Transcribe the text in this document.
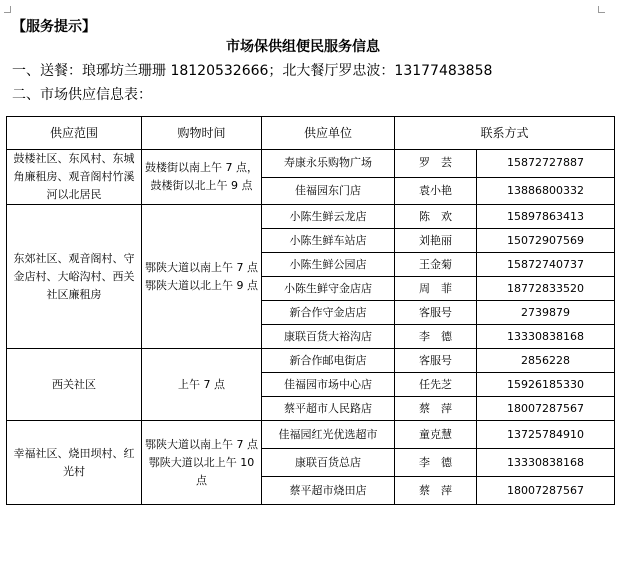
【服务提示】
市场保供组便民服务信息
一、送餐：琅琊坊兰珊珊 18120532666；北大餐厅罗忠波：13177483858
二、市场供应信息表：
供应范围	购物时间	供应单位	联系方式	
鼓楼社区、东风村、东城角廉租房、观音阁村竹溪河以北居民	鼓楼街以南上午 7 点，鼓楼街以北上午 9 点	寿康永乐购物广场	罗　芸	15872727887
		佳福园东门店	袁小艳	13886800332
东郊社区、观音阁村、守金店村、大峪沟村、西关社区廉租房	鄂陕大道以南上午 7 点 鄂陕大道以北上午 9 点	小陈生鲜云龙店	陈　欢	15897863413
		小陈生鲜车站店	刘艳丽	15072907569
		小陈生鲜公园店	王金菊	15872740737
		小陈生鲜守金店店	周　菲	18772833520
		新合作守金店店	客服号	2739879
		康联百货大裕沟店	李　德	13330838168
西关社区	上午 7 点	新合作邮电街店	客服号	2856228
		佳福园市场中心店	任先芝	15926185330
		蔡平超市人民路店	蔡　萍	18007287567
幸福社区、烧田坝村、红光村	鄂陕大道以南上午 7 点 鄂陕大道以北上午 10 点	佳福园红光优选超市	童克慧	13725784910
		康联百货总店	李　德	13330838168
		蔡平超市烧田店	蔡　萍	18007287567
